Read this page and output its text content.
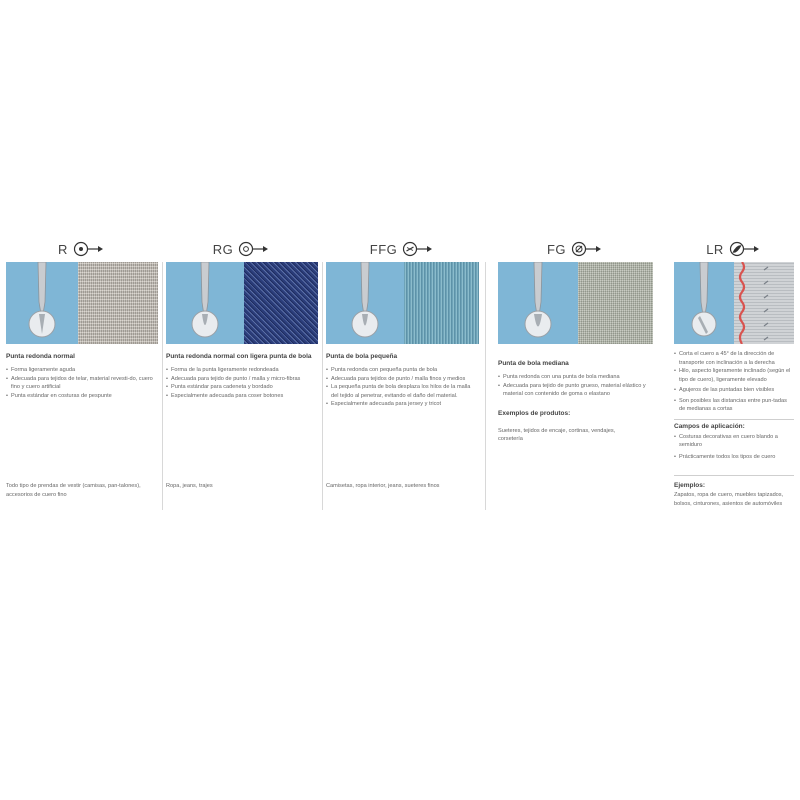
R
Punta redonda normal
• Forma ligeramente aguda
• Adecuada para tejidos de telar, material revesti-do, cuero fino y cuero artificial
• Punta estándar en costuras de pespunte
Todo tipo de prendas de vestir (camisas, pan-talones), accesorios de cuero fino
RG
Punta redonda normal con ligera punta de bola
• Forma de la punta ligeramente redondeada
• Adecuada para tejido de punto / malla y micro-fibras
• Punta estándar para cadeneta y bordado
• Especialmente adecuada para coser botones
Ropa, jeans, trajes
FFG
Punta de bola pequeña
• Punta redonda con pequeña punta de bola
• Adecuada para tejidos de punto / malla finos y medios
• La pequeña punta de bola desplaza los hilos de la malla del tejido al penetrar, evitando el daño del material.
• Especialmente adecuada para jersey y tricot
Camisetas, ropa interior, jeans, sueteres finos
FG
Punta de bola mediana
• Punta redonda con una punta de bola mediana
• Adecuada para tejido de punto grueso, material elástico y material con contenido de goma o elastano
Exemplos de produtos:
Sueteres, tejidos de encaje, cortinas, vendajes, corsetería
LR
• Corta el cuero a 45° de la dirección de transporte con inclinación a la derecha
• Hilo, aspecto ligeramente inclinado (según el tipo de cuero), ligeramente elevado
• Agujeros de las puntadas bien visibles
• Son posibles las distancias entre pun-tadas de medianas a cortas
Campos de aplicación:
• Costuras decorativas en cuero blando a semiduro
• Prácticamente todos los tipos de cuero
Ejemplos:
Zapatos, ropa de cuero, muebles tapizados, bolsos, cinturones, asientos de automóviles
